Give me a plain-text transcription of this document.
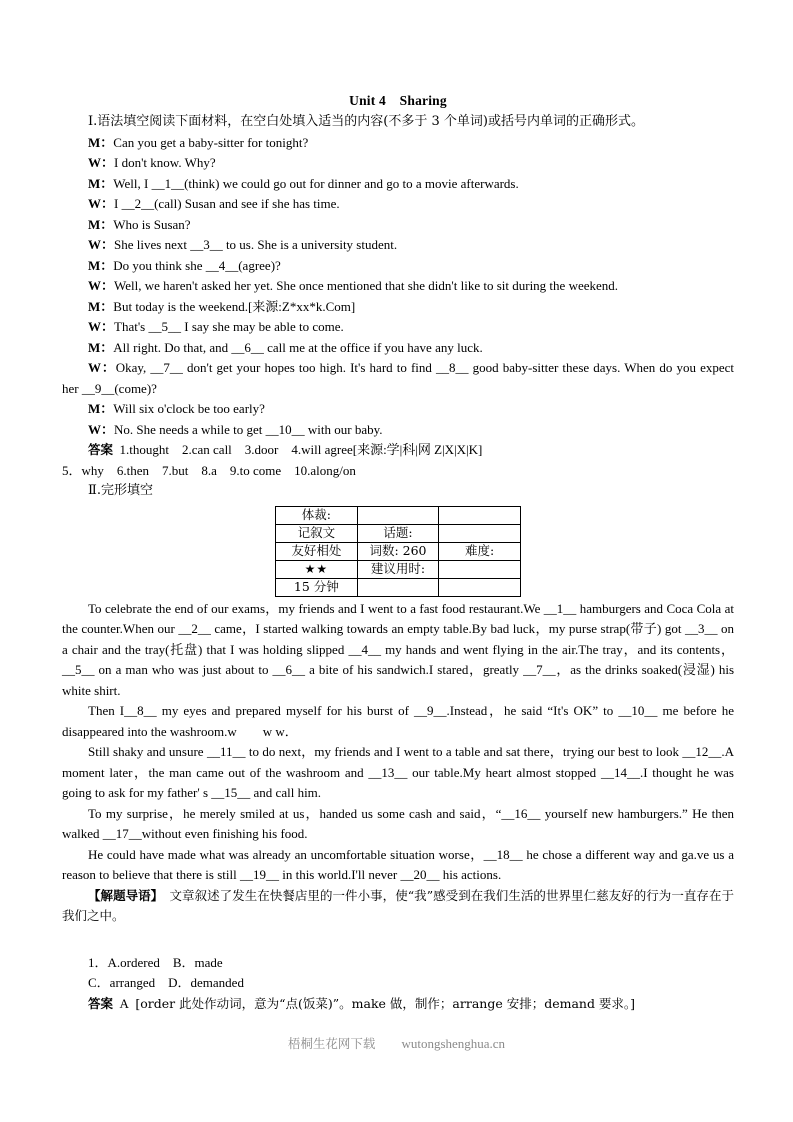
Unit 4　Sharing

Ⅰ.语法填空阅读下面材料，在空白处填入适当的内容(不多于 3 个单词)或括号内单词的正确形式。

M：Can you get a baby-sitter for tonight?

W：I don't know. Why?

M：Well, I __1__(think) we could go out for dinner and go to a movie afterwards.

W：I __2__(call) Susan and see if she has time.

M：Who is Susan?

W：She lives next __3__ to us. She is a university student.

M：Do you think she __4__(agree)?

W：Well, we haren't asked her yet. She once mentioned that she didn't like to sit during the weekend.

M：But today is the weekend.[来源:Z*xx*k.Com]

W：That's __5__ I say she may be able to come.

M：All right. Do that, and __6__ call me at the office if you have any luck.

W：Okay, __7__ don't get your hopes too high. It's hard to find __8__ good baby-sitter these days. When do you expect her __9__(come)?

M：Will six o'clock be too early?

W：No. She needs a while to get __10__ with our baby.

答案 1.thought　2.can call　3.door　4.will agree[来源:学|科|网 Z|X|X|K]

5．why　6.then　7.but　8.a　9.to come　10.along/on

Ⅱ.完形填空

体裁:		
记叙文	话题:	
友好相处	词数: 260	难度:
★★	建议用时:	
15 分钟		

To celebrate the end of our exams，my friends and I went to a fast food restaurant.We __1__ hamburgers and Coca Cola at the counter.When our __2__ came，I started walking towards an empty table.By bad luck，my purse strap(带子) got __3__ on a chair and the tray(托盘) that I was holding slipped __4__ my hands and went flying in the air.The tray，and its contents，__5__ on a man who was just about to __6__ a bite of his sandwich.I stared，greatly __7__，as the drinks soaked(浸湿) his white shirt.

Then I__8__ my eyes and prepared myself for his burst of __9__.Instead，he said “It's OK” to __10__ me before he disappeared into the washroom.w　　w w．

Still shaky and unsure __11__ to do next，my friends and I went to a table and sat there，trying our best to look __12__.A moment later，the man came out of the washroom and __13__ our table.My heart almost stopped __14__.I thought he was going to ask for my father' s __15__ and call him.

To my surprise，he merely smiled at us，handed us some cash and said，“__16__ yourself new hamburgers.” He then walked __17__without even finishing his food.

He could have made what was already an uncomfortable situation worse，__18__ he chose a different way and ga.ve us a reason to believe that there is still __19__ in this world.I'll never __20__ his actions.

【解题导语】　文章叙述了发生在快餐店里的一件小事，使“我”感受到在我们生活的世界里仁慈友好的行为一直存在于我们之中。

1．A.ordered　B．made

C．arranged　D．demanded

答案 A [order 此处作动词，意为“点(饭菜)”。make 做，制作；arrange 安排；demand 要求。]

梧桐生花网下载 wutongshenghua.cn
